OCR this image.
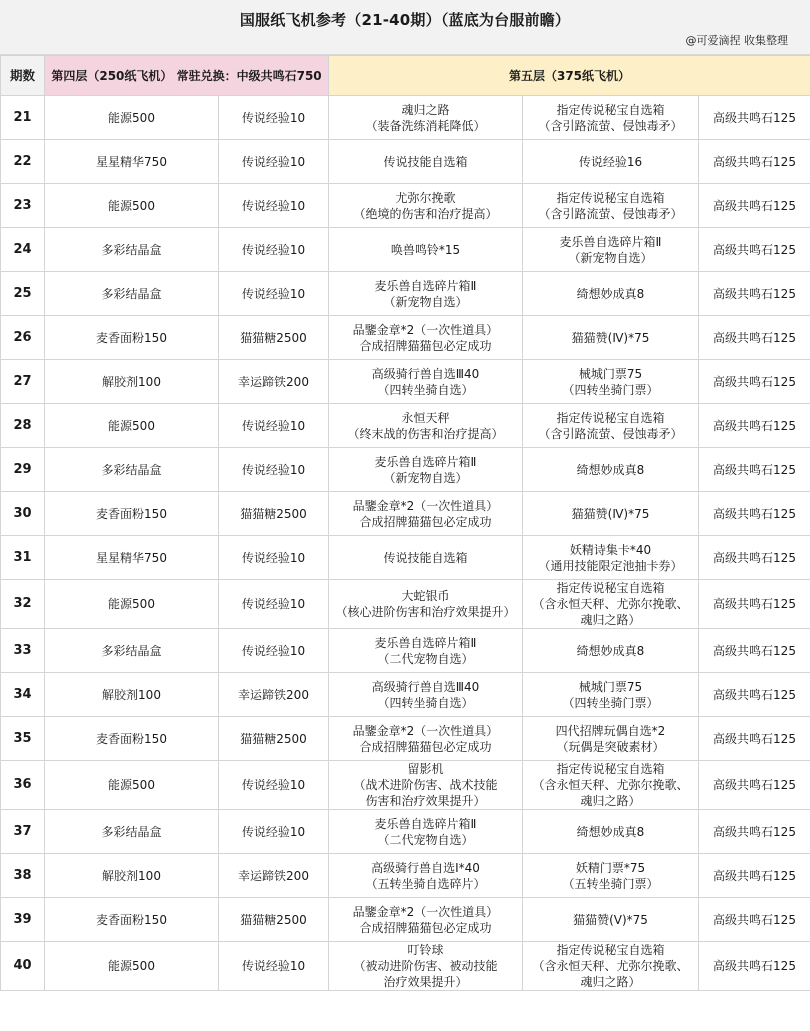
国服纸飞机参考（21-40期）（蓝底为台服前瞻）
@可爱滴捏 收集整理
期数	第四层（250纸飞机） 常驻兑换：中级共鸣石750		第五层（375纸飞机）		
21	能源500	传说经验10	魂归之路
（装备洗练消耗降低）	指定传说秘宝自选箱
（含引路流萤、侵蚀毒矛）	高级共鸣石125

22	星星精华750	传说经验10	传说技能自选箱	传说经验16	高级共鸣石125

23	能源500	传说经验10	尤弥尔挽歌
（绝境的伤害和治疗提高）	指定传说秘宝自选箱
（含引路流萤、侵蚀毒矛）	高级共鸣石125

24	多彩结晶盒	传说经验10	唤兽鸣铃*15	麦乐兽自选碎片箱Ⅱ
（新宠物自选）	高级共鸣石125

25	多彩结晶盒	传说经验10	麦乐兽自选碎片箱Ⅱ
（新宠物自选）	绮想妙成真8	高级共鸣石125

26	麦香面粉150	猫猫糖2500	品鑒金章*2（一次性道具）
合成招牌猫猫包必定成功	猫猫赞(Ⅳ)*75	高级共鸣石125

27	解胶剂100	幸运蹄铁200	高级骑行兽自选Ⅲ40
（四转坐骑自选）	械城门票75
（四转坐骑门票）	高级共鸣石125

28	能源500	传说经验10	永恒天秤
（终末战的伤害和治疗提高）	指定传说秘宝自选箱
（含引路流萤、侵蚀毒矛）	高级共鸣石125

29	多彩结晶盒	传说经验10	麦乐兽自选碎片箱Ⅱ
（新宠物自选）	绮想妙成真8	高级共鸣石125

30	麦香面粉150	猫猫糖2500	品鑒金章*2（一次性道具）
合成招牌猫猫包必定成功	猫猫赞(Ⅳ)*75	高级共鸣石125

31	星星精华750	传说经验10	传说技能自选箱	妖精诗集卡*40
（通用技能限定池抽卡券）	高级共鸣石125

32	能源500	传说经验10	大蛇银币
（核心进阶伤害和治疗效果提升）	指定传说秘宝自选箱
（含永恒天秤、尤弥尔挽歌、
魂归之路）	高级共鸣石125

33	多彩结晶盒	传说经验10	麦乐兽自选碎片箱Ⅱ
（二代宠物自选）	绮想妙成真8	高级共鸣石125

34	解胶剂100	幸运蹄铁200	高级骑行兽自选Ⅲ40
（四转坐骑自选）	械城门票75
（四转坐骑门票）	高级共鸣石125

35	麦香面粉150	猫猫糖2500	品鑒金章*2（一次性道具）
合成招牌猫猫包必定成功	四代招牌玩偶自选*2
（玩偶是突破素材）	高级共鸣石125

36	能源500	传说经验10	留影机
（战术进阶伤害、战术技能
伤害和治疗效果提升）	指定传说秘宝自选箱
（含永恒天秤、尤弥尔挽歌、
魂归之路）	高级共鸣石125

37	多彩结晶盒	传说经验10	麦乐兽自选碎片箱Ⅱ
（二代宠物自选）	绮想妙成真8	高级共鸣石125

38	解胶剂100	幸运蹄铁200	高级骑行兽自选Ⅰ*40
（五转坐骑自选碎片）	妖精门票*75
（五转坐骑门票）	高级共鸣石125

39	麦香面粉150	猫猫糖2500	品鑒金章*2（一次性道具）
合成招牌猫猫包必定成功	猫猫赞(Ⅴ)*75	高级共鸣石125

40	能源500	传说经验10	叮铃球
（被动进阶伤害、被动技能
治疗效果提升）	指定传说秘宝自选箱
（含永恒天秤、尤弥尔挽歌、
魂归之路）	高级共鸣石125
